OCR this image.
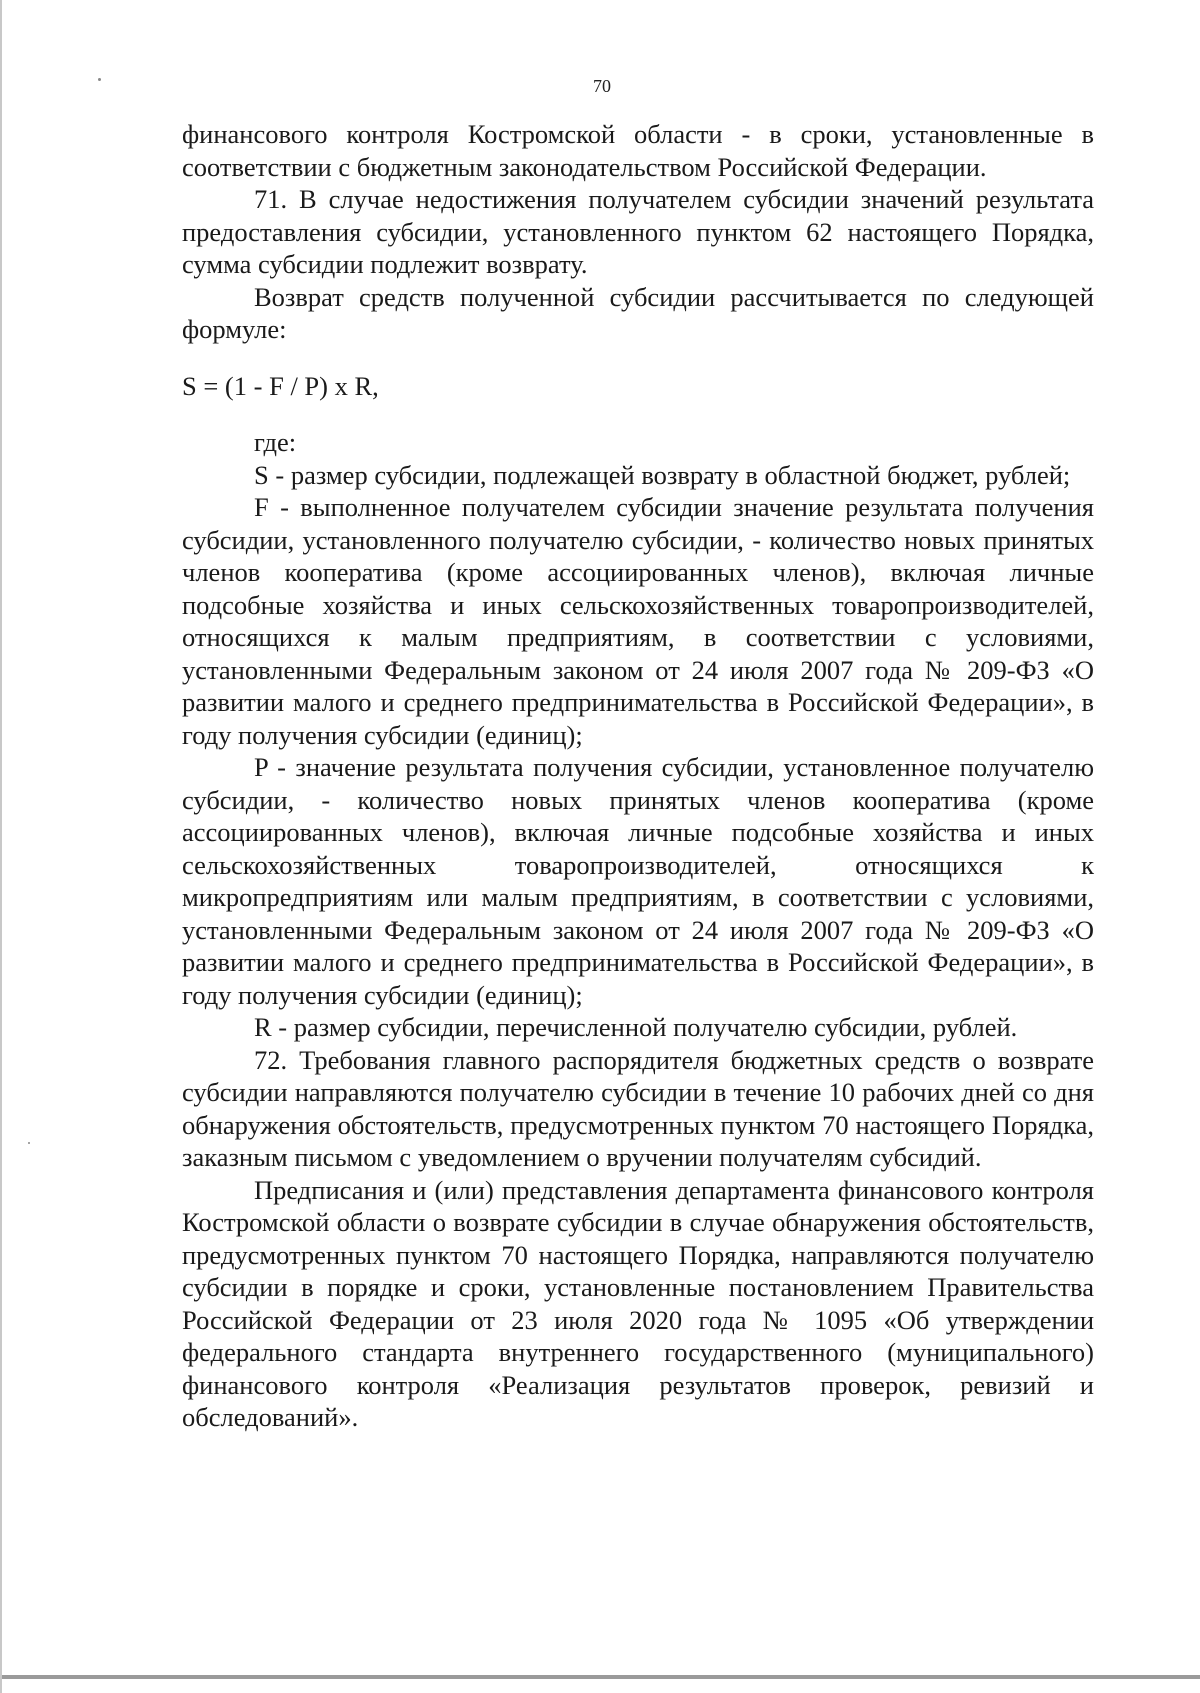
70

финансового контроля Костромской области - в сроки, установленные в соответствии с бюджетным законодательством Российской Федерации.

71. В случае недостижения получателем субсидии значений результата предоставления субсидии, установленного пунктом 62 настоящего Порядка, сумма субсидии подлежит возврату.

Возврат средств полученной субсидии рассчитывается по следующей формуле:

S = (1 - F / P) x R,

где:

S - размер субсидии, подлежащей возврату в областной бюджет, рублей;

F - выполненное получателем субсидии значение результата получения субсидии, установленного получателю субсидии, - количество новых принятых членов кооператива (кроме ассоциированных членов), включая личные подсобные хозяйства и иных сельскохозяйственных товаропроизводителей, относящихся к малым предприятиям, в соответствии с условиями, установленными Федеральным законом от 24 июля 2007 года № 209-ФЗ «О развитии малого и среднего предпринимательства в Российской Федерации», в году получения субсидии (единиц);

P - значение результата получения субсидии, установленное получателю субсидии, - количество новых принятых членов кооператива (кроме ассоциированных членов), включая личные подсобные хозяйства и иных сельскохозяйственных товаропроизводителей, относящихся к микропредприятиям или малым предприятиям, в соответствии с условиями, установленными Федеральным законом от 24 июля 2007 года № 209-ФЗ «О развитии малого и среднего предпринимательства в Российской Федерации», в году получения субсидии (единиц);

R - размер субсидии, перечисленной получателю субсидии, рублей.

72. Требования главного распорядителя бюджетных средств о возврате субсидии направляются получателю субсидии в течение 10 рабочих дней со дня обнаружения обстоятельств, предусмотренных пунктом 70 настоящего Порядка, заказным письмом с уведомлением о вручении получателям субсидий.

Предписания и (или) представления департамента финансового контроля Костромской области о возврате субсидии в случае обнаружения обстоятельств, предусмотренных пунктом 70 настоящего Порядка, направляются получателю субсидии в порядке и сроки, установленные постановлением Правительства Российской Федерации от 23 июля 2020 года № 1095 «Об утверждении федерального стандарта внутреннего государственного (муниципального) финансового контроля «Реализация результатов проверок, ревизий и обследований».
